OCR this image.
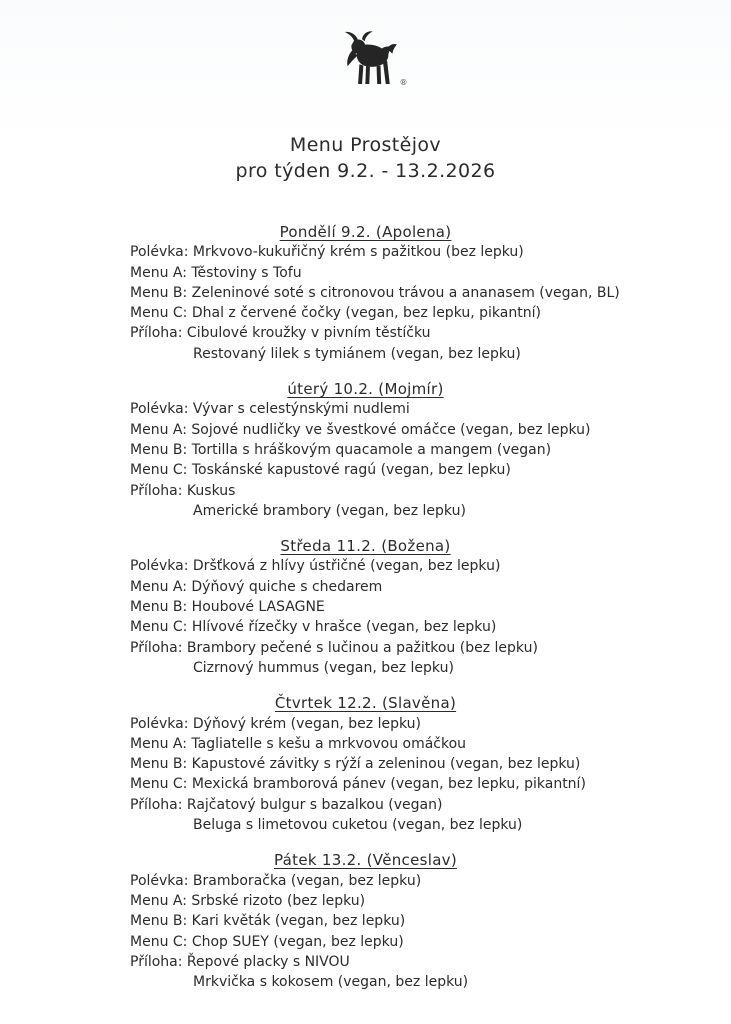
®
Menu Prostějov
pro týden 9.2. - 13.2.2026
Pondělí 9.2. (Apolena)
Polévka: Mrkvovo-kukuřičný krém s pažitkou (bez lepku)
Menu A: Těstoviny s Tofu
Menu B: Zeleninové soté s citronovou trávou a ananasem (vegan, BL)
Menu C: Dhal z červené čočky (vegan, bez lepku, pikantní)
Příloha: Cibulové kroužky v pivním těstíčku
Restovaný lilek s tymiánem (vegan, bez lepku)
úterý 10.2. (Mojmír)
Polévka: Vývar s celestýnskými nudlemi
Menu A: Sojové nudličky ve švestkové omáčce (vegan, bez lepku)
Menu B: Tortilla s hráškovým quacamole a mangem (vegan)
Menu C: Toskánské kapustové ragú (vegan, bez lepku)
Příloha: Kuskus
Americké brambory (vegan, bez lepku)
Středa 11.2. (Božena)
Polévka: Dršťková z hlívy ústřičné (vegan, bez lepku)
Menu A: Dýňový quiche s chedarem
Menu B: Houbové LASAGNE
Menu C: Hlívové řízečky v hrašce (vegan, bez lepku)
Příloha: Brambory pečené s lučinou a pažitkou (bez lepku)
Cizrnový hummus (vegan, bez lepku)
Čtvrtek 12.2. (Slavěna)
Polévka: Dýňový krém (vegan, bez lepku)
Menu A: Tagliatelle s kešu a mrkvovou omáčkou
Menu B: Kapustové závitky s rýží a zeleninou (vegan, bez lepku)
Menu C: Mexická bramborová pánev (vegan, bez lepku, pikantní)
Příloha: Rajčatový bulgur s bazalkou (vegan)
Beluga s limetovou cuketou (vegan, bez lepku)
Pátek 13.2. (Věnceslav)
Polévka: Bramboračka (vegan, bez lepku)
Menu A: Srbské rizoto (bez lepku)
Menu B: Kari květák (vegan, bez lepku)
Menu C: Chop SUEY (vegan, bez lepku)
Příloha: Řepové placky s NIVOU
Mrkvička s kokosem (vegan, bez lepku)
